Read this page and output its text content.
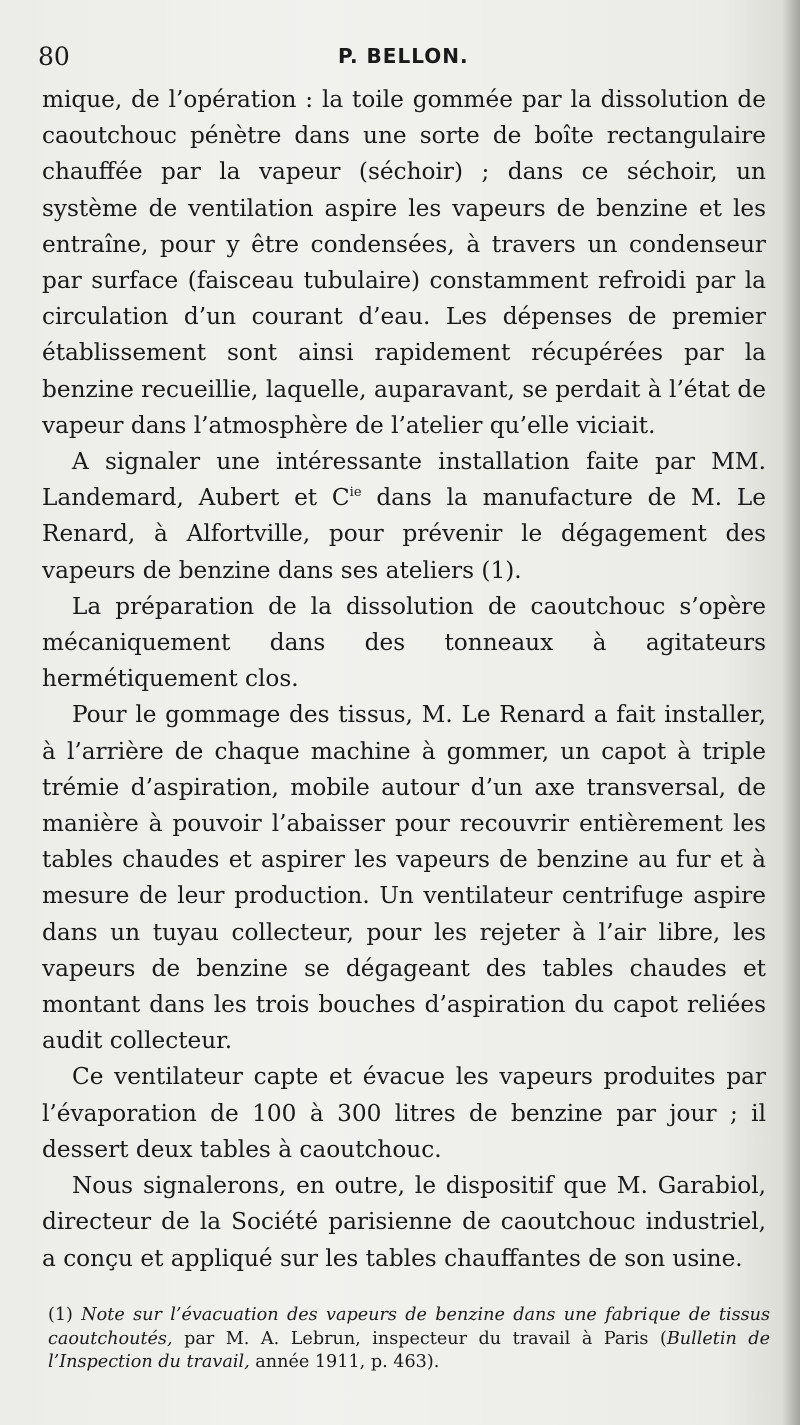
80	P. BELLON.

mique, de l’opération : la toile gommée par la dissolution de caoutchouc pénètre dans une sorte de boîte rectangulaire chauffée par la vapeur (séchoir) ; dans ce séchoir, un système de ventilation aspire les vapeurs de benzine et les entraîne, pour y être condensées, à travers un condenseur par surface (faisceau tubulaire) constamment refroidi par la circulation d’un courant d’eau. Les dépenses de premier établissement sont ainsi rapidement récupérées par la benzine recueillie, laquelle, auparavant, se perdait à l’état de vapeur dans l’atmosphère de l’atelier qu’elle viciait.

A signaler une intéressante installation faite par MM. Landemard, Aubert et $C^{ie}$ dans la manufacture de M. Le Renard, à Alfortville, pour prévenir le dégagement des vapeurs de benzine dans ses ateliers (1).

La préparation de la dissolution de caoutchouc s’opère mécaniquement dans des tonneaux à agitateurs hermétiquement clos.

Pour le gommage des tissus, M. Le Renard a fait installer, à l’arrière de chaque machine à gommer, un capot à triple trémie d’aspiration, mobile autour d’un axe transversal, de manière à pouvoir l’abaisser pour recouvrir entièrement les tables chaudes et aspirer les vapeurs de benzine au fur et à mesure de leur production. Un ventilateur centrifuge aspire dans un tuyau collecteur, pour les rejeter à l’air libre, les vapeurs de benzine se dégageant des tables chaudes et montant dans les trois bouches d’aspiration du capot reliées audit collecteur.

Ce ventilateur capte et évacue les vapeurs produites par l’évaporation de 100 à 300 litres de benzine par jour ; il dessert deux tables à caoutchouc.

Nous signalerons, en outre, le dispositif que M. Garabiol, directeur de la Société parisienne de caoutchouc industriel, a conçu et appliqué sur les tables chauffantes de son usine.

(1) Note sur l’évacuation des vapeurs de benzine dans une fabrique de tissus caoutchoutés, par M. A. Lebrun, inspecteur du travail à Paris (Bulletin de l’Inspection du travail, année 1911, p. 463).
